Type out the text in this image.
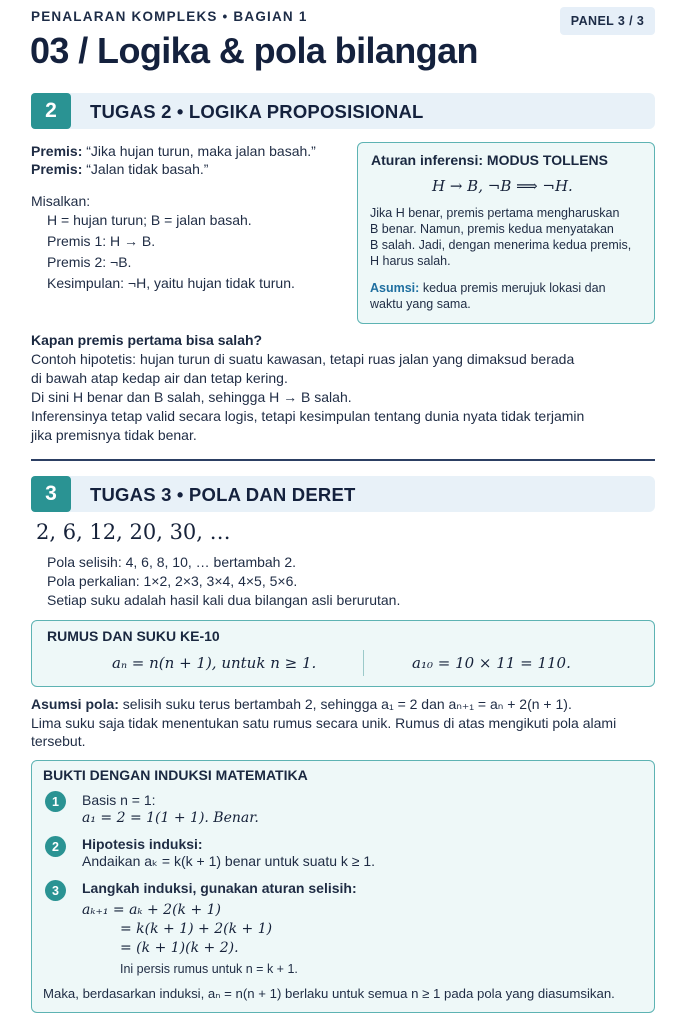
PENALARAN KOMPLEKS • BAGIAN 1	PANEL 3 / 3
03 / Logika & pola bilangan
2	TUGAS 2 • LOGIKA PROPOSISIONAL
Premis: “Jika hujan turun, maka jalan basah.”
Premis: “Jalan tidak basah.”
Misalkan:
H = hujan turun; B = jalan basah.
Premis 1: H → B.
Premis 2: ¬B.
Kesimpulan: ¬H, yaitu hujan tidak turun.
Aturan inferensi: MODUS TOLLENS
H → B, ¬B ⟹ ¬H.
Jika H benar, premis pertama mengharuskan
B benar. Namun, premis kedua menyatakan
B salah. Jadi, dengan menerima kedua premis,
H harus salah.
Asumsi: kedua premis merujuk lokasi dan
waktu yang sama.
Kapan premis pertama bisa salah?
Contoh hipotetis: hujan turun di suatu kawasan, tetapi ruas jalan yang dimaksud berada
di bawah atap kedap air dan tetap kering.
Di sini H benar dan B salah, sehingga H → B salah.
Inferensinya tetap valid secara logis, tetapi kesimpulan tentang dunia nyata tidak terjamin
jika premisnya tidak benar.
3	TUGAS 3 • POLA DAN DERET
2, 6, 12, 20, 30, …
Pola selisih: 4, 6, 8, 10, … bertambah 2.
Pola perkalian: 1×2, 2×3, 3×4, 4×5, 5×6.
Setiap suku adalah hasil kali dua bilangan asli berurutan.
RUMUS DAN SUKU KE-10
aₙ = n(n + 1), untuk n ≥ 1.	a₁₀ = 10 × 11 = 110.
Asumsi pola: selisih suku terus bertambah 2, sehingga a₁ = 2 dan aₙ₊₁ = aₙ + 2(n + 1).
Lima suku saja tidak menentukan satu rumus secara unik. Rumus di atas mengikuti pola alami
tersebut.
BUKTI DENGAN INDUKSI MATEMATIKA
1	Basis n = 1:
a₁ = 2 = 1(1 + 1). Benar.
2	Hipotesis induksi:
Andaikan aₖ = k(k + 1) benar untuk suatu k ≥ 1.
3	Langkah induksi, gunakan aturan selisih:
aₖ₊₁ = aₖ + 2(k + 1)
= k(k + 1) + 2(k + 1)
= (k + 1)(k + 2).
Ini persis rumus untuk n = k + 1.
Maka, berdasarkan induksi, aₙ = n(n + 1) berlaku untuk semua n ≥ 1 pada pola yang diasumsikan.
